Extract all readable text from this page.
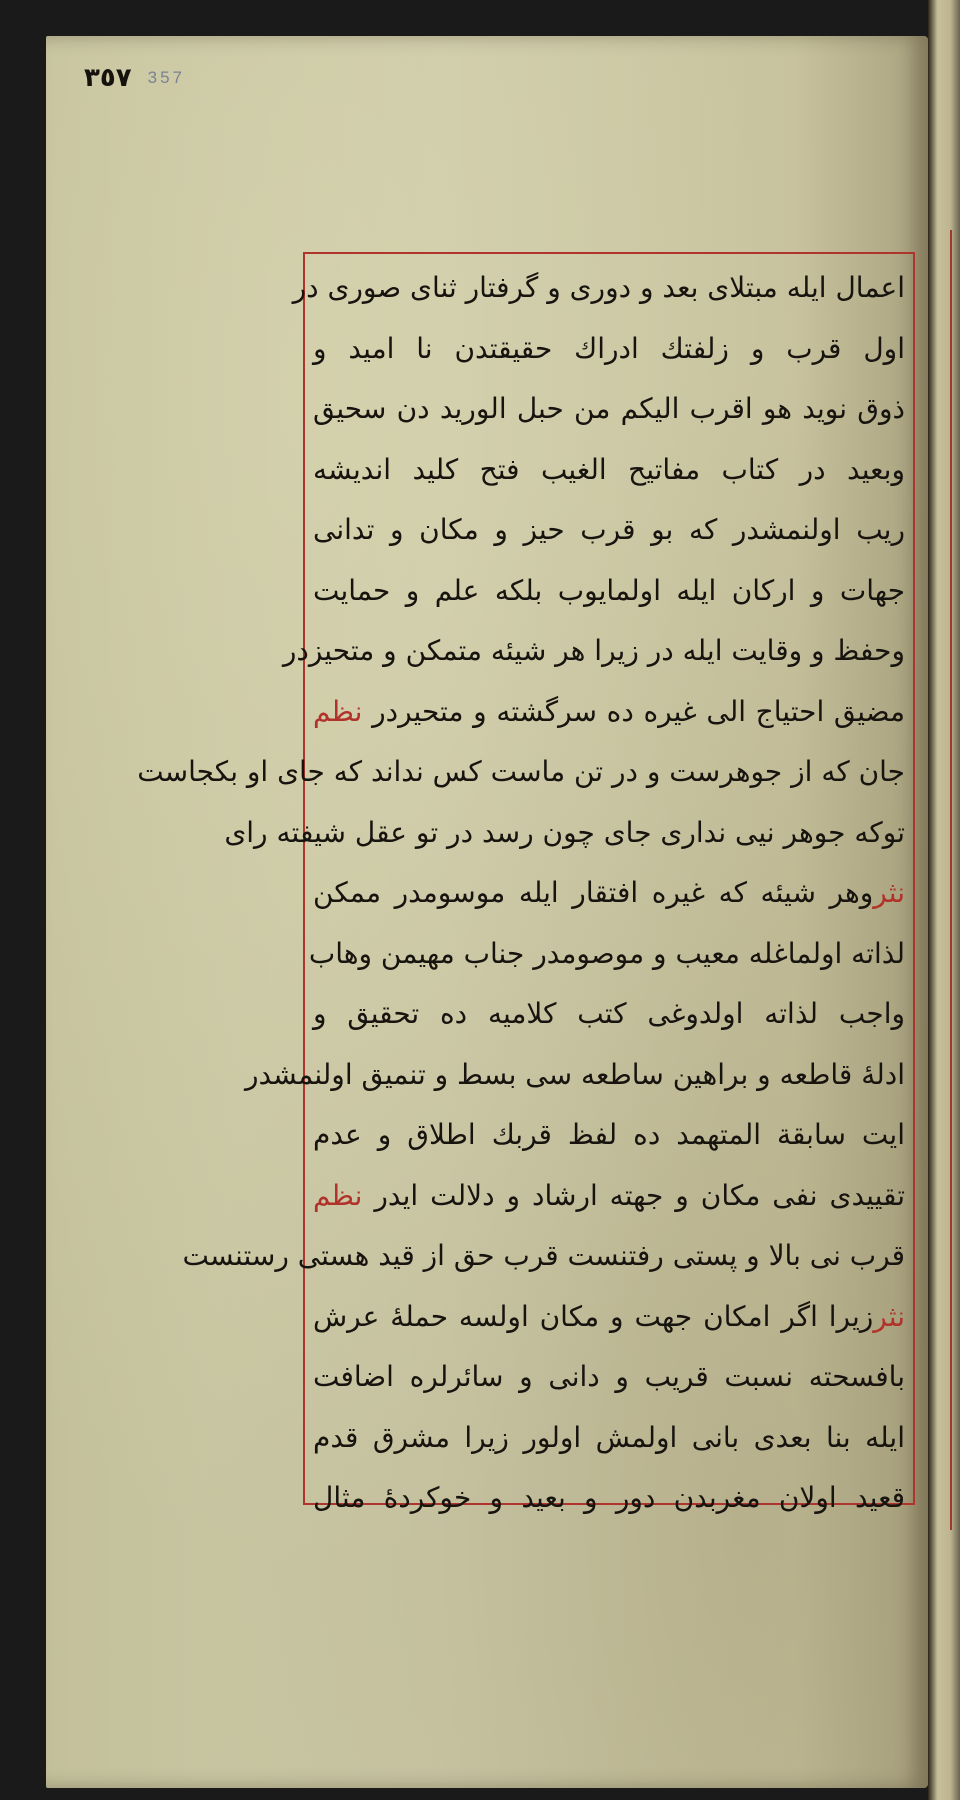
٣٥٧ 357
اعمال ایله مبتلای بعد و دوری و گرفتار ثنای صوری در
اول قرب و زلفتك ادراك حقیقتدن نا امید و
ذوق نوید هو اقرب الیکم من حبل الورید دن سحیق
وبعید در کتاب مفاتیح الغیب فتح کلید اندیشه
ریب اولنمشدر که بو قرب حیز و مکان و تدانی
جهات و ارکان ایله اولمایوب بلکه علم و حمایت
وحفظ و وقایت ایله در زیرا هر شیئه متمکن و متحیزدر
مضیق احتیاج الی غیره ده سرگشته و متحیردر نظم
جان که از جوهرست و در تن ماست کس نداند که جای او بکجاست
توکه جوهر نیی نداری جای چون رسد در تو عقل شیفته رای
نثروهر شیئه که غیره افتقار ایله موسومدر ممکن
لذاته اولماغله معیب و موصومدر جناب مهیمن وهاب
واجب لذاته اولدوغی کتب کلامیه ده تحقیق و
ادلهٔ قاطعه و براهین ساطعه سی بسط و تنمیق اولنمشدر
ایت سابقة المتهمد ده لفظ قربك اطلاق و عدم
تقییدی نفی مکان و جهته ارشاد و دلالت ایدر نظم
قرب نی بالا و پستی رفتنست قرب حق از قید هستی رستنست
نثرزیرا اگر امکان جهت و مکان اولسه حملهٔ عرش
بافسحته نسبت قریب و دانی و سائرلره اضافت
ایله بنا بعدی بانی اولمش اولور زیرا مشرق قدم
قعید اولان مغربدن دور و بعید و خوکردهٔ مثال
